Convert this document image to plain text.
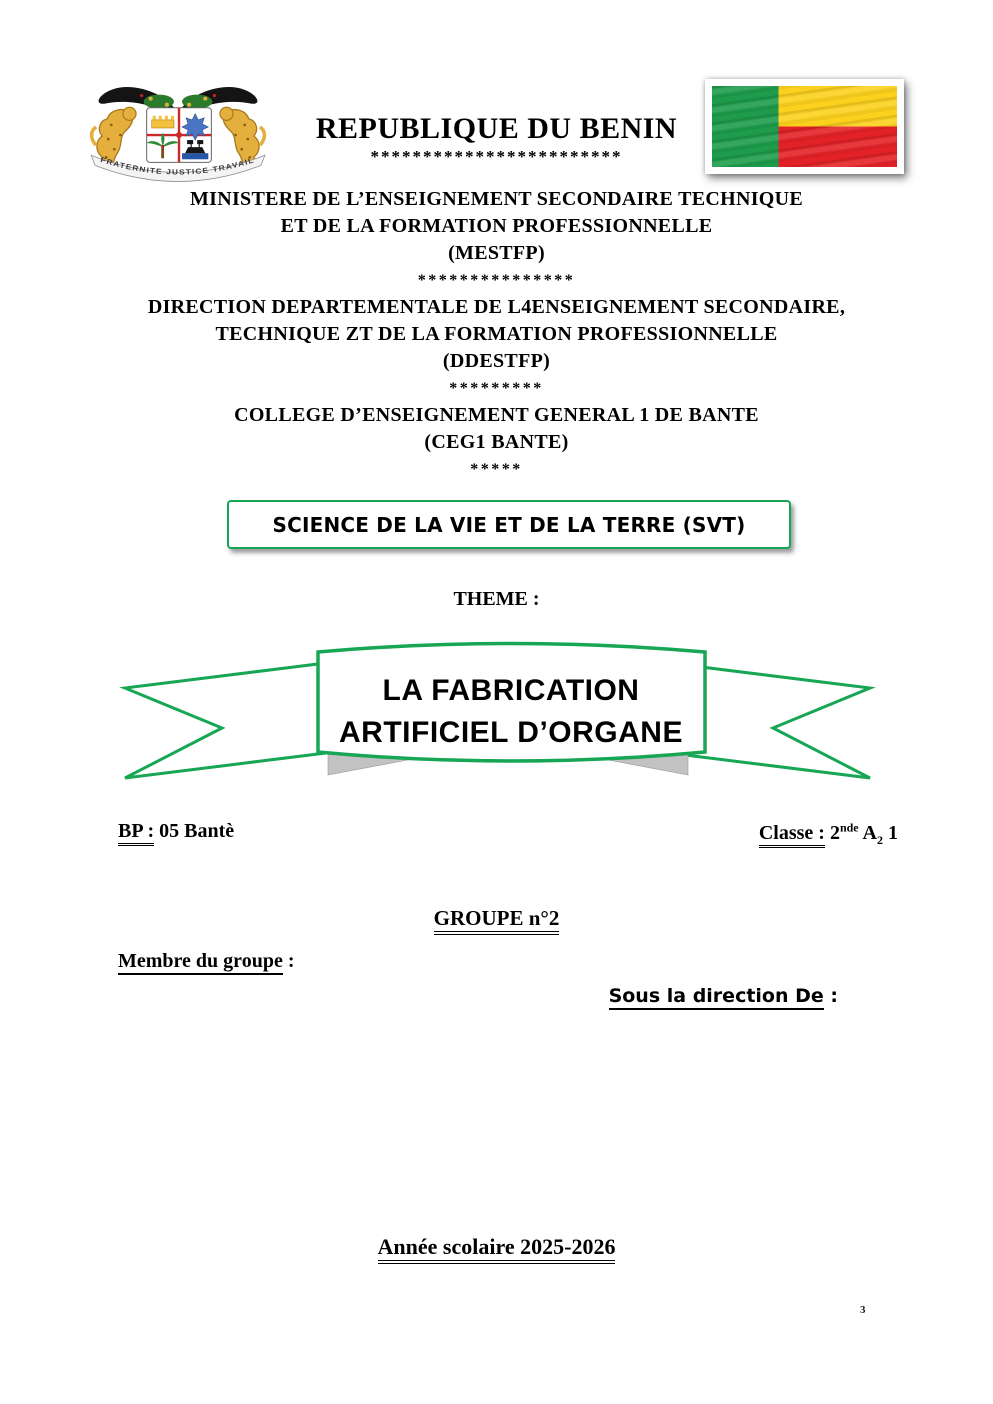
FRATERNITE JUSTICE TRAVAIL
REPUBLIQUE DU BENIN
************************
MINISTERE DE L’ENSEIGNEMENT SECONDAIRE TECHNIQUE
ET DE LA FORMATION PROFESSIONNELLE
(MESTFP)
***************
DIRECTION DEPARTEMENTALE DE L4ENSEIGNEMENT SECONDAIRE,
TECHNIQUE ZT DE LA FORMATION PROFESSIONNELLE
(DDESTFP)
*********
COLLEGE D’ENSEIGNEMENT GENERAL 1 DE BANTE
(CEG1 BANTE)
*****
SCIENCE DE LA VIE ET DE LA TERRE (SVT)
THEME :
LA FABRICATION
ARTIFICIEL D’ORGANE
BP : 05 Bantè	Classe : 2nde $A_2$ 1
GROUPE n°2
Membre du groupe :
Sous la direction De :
Année scolaire 2025-2026
3
